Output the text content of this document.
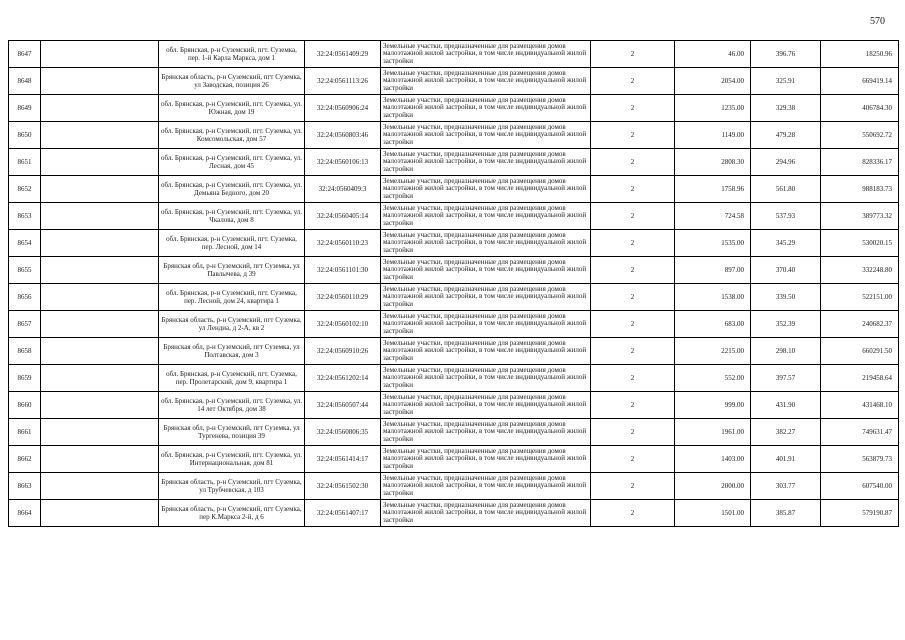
570
8647		обл. Брянская, р-н Суземский, пгт. Суземка, пер. 1-й Карла Маркса, дом 1	32:24:0561409:29	Земельные участки, предназначенные для размещения домов малоэтажной жилой застройки, в том числе индивидуальной жилой застройки	2	46.00	396.76	18250.96
8648		Брянская область, р-н Суземский, пгт Суземка, ул Заводская, позиция 26	32:24:0561113:26	Земельные участки, предназначенные для размещения домов малоэтажной жилой застройки, в том числе индивидуальной жилой застройки	2	2054.00	325.91	669419.14
8649		обл. Брянская, р-н Суземский, пгт. Суземка, ул. Южная, дом 19	32:24:0560906:24	Земельные участки, предназначенные для размещения домов малоэтажной жилой застройки, в том числе индивидуальной жилой застройки	2	1235.00	329.38	406784.30
8650		обл. Брянская, р-н Суземский, пгт. Суземка, ул. Комсомольская, дом 57	32:24:0560803:46	Земельные участки, предназначенные для размещения домов малоэтажной жилой застройки, в том числе индивидуальной жилой застройки	2	1149.00	479.28	550692.72
8651		обл. Брянская, р-н Суземский, пгт. Суземка, ул. Лесная, дом 45	32:24:0560106:13	Земельные участки, предназначенные для размещения домов малоэтажной жилой застройки, в том числе индивидуальной жилой застройки	2	2808.30	294.96	828336.17
8652		обл. Брянская, р-н Суземский, пгт. Суземка, ул. Демьяна Бедного, дом 20	32:24:0560409:3	Земельные участки, предназначенные для размещения домов малоэтажной жилой застройки, в том числе индивидуальной жилой застройки	2	1758.96	561.80	988183.73
8653		обл. Брянская, р-н Суземский, пгт. Суземка, ул. Чкалова, дом 8	32:24:0560405:14	Земельные участки, предназначенные для размещения домов малоэтажной жилой застройки, в том числе индивидуальной жилой застройки	2	724.58	537.93	389773.32
8654		обл. Брянская, р-н Суземский, пгт. Суземка, пер. Лесной, дом 14	32:24:0560110:23	Земельные участки, предназначенные для размещения домов малоэтажной жилой застройки, в том числе индивидуальной жилой застройки	2	1535.00	345.29	530020.15
8655		Брянская обл, р-н Суземский, пгт Суземка, ул Павлычева, д 39	32:24:0561101:30	Земельные участки, предназначенные для размещения домов малоэтажной жилой застройки, в том числе индивидуальной жилой застройки	2	897.00	370.40	332248.80
8656		обл. Брянская, р-н Суземский, пгт. Суземка, пер. Лесной, дом 24, квартира 1	32:24:0560110:29	Земельные участки, предназначенные для размещения домов малоэтажной жилой застройки, в том числе индивидуальной жилой застройки	2	1538.00	339.50	522151.00
8657		Брянская область, р-н Суземский, пгт Суземка, ул Лендиа, д 2-А, кв 2	32:24:0560102:10	Земельные участки, предназначенные для размещения домов малоэтажной жилой застройки, в том числе индивидуальной жилой застройки	2	683.00	352.39	240682.37
8658		Брянская обл, р-н Суземский, пгт Суземка, ул Полтавская, дом 3	32:24:0560910:26	Земельные участки, предназначенные для размещения домов малоэтажной жилой застройки, в том числе индивидуальной жилой застройки	2	2215.00	298.10	660291.50
8659		обл. Брянская, р-н Суземский, пгт. Суземка, пер. Пролетарский, дом 9, квартира 1	32:24:0561202:14	Земельные участки, предназначенные для размещения домов малоэтажной жилой застройки, в том числе индивидуальной жилой застройки	2	552.00	397.57	219458.64
8660		обл. Брянская, р-н Суземский, пгт. Суземка, ул. 14 лет Октября, дом 38	32:24:0560507:44	Земельные участки, предназначенные для размещения домов малоэтажной жилой застройки, в том числе индивидуальной жилой застройки	2	999.00	431.90	431468.10
8661		Брянская обл, р-н Суземский, пгт Суземка, ул Тургенева, позиция 39	32:24:0560806:35	Земельные участки, предназначенные для размещения домов малоэтажной жилой застройки, в том числе индивидуальной жилой застройки	2	1961.00	382.27	749631.47
8662		обл. Брянская, р-н Суземский, пгт. Суземка, ул. Интернациональная, дом 81	32:24:0561414:17	Земельные участки, предназначенные для размещения домов малоэтажной жилой застройки, в том числе индивидуальной жилой застройки	2	1403.00	401.91	563879.73
8663		Брянская область, р-н Суземский, пгт Суземка, ул Трубчевская, д 103	32:24:0561502:30	Земельные участки, предназначенные для размещения домов малоэтажной жилой застройки, в том числе индивидуальной жилой застройки	2	2000.00	303.77	607540.00
8664		Брянская область, р-н Суземский, пгт Суземка, пер К.Маркса 2-й, д 6	32:24:0561407:17	Земельные участки, предназначенные для размещения домов малоэтажной жилой застройки, в том числе индивидуальной жилой застройки	2	1501.00	385.87	579190.87
